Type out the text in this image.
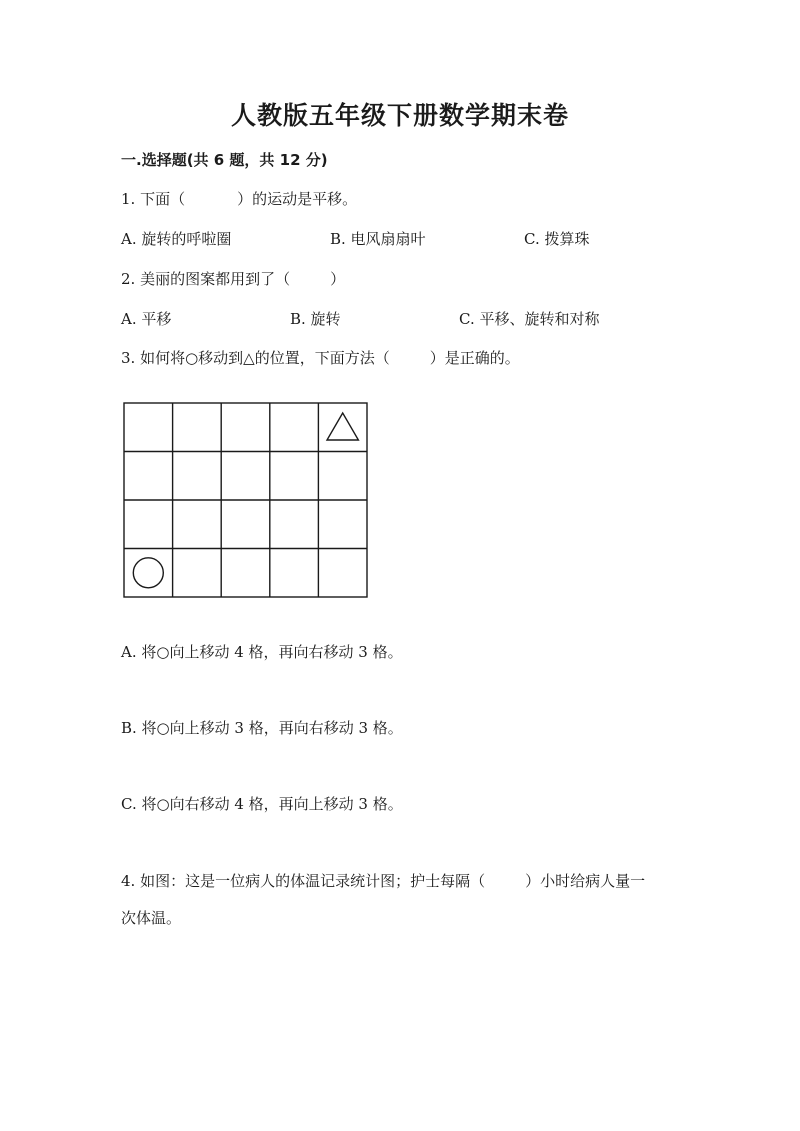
人教版五年级下册数学期末卷
一.选择题(共 6 题，共 12 分)
1. 下面（	）的运动是平移。
A. 旋转的呼啦圈	B. 电风扇扇叶	C. 拨算珠
2. 美丽的图案都用到了（	）
A. 平移	B. 旋转	C. 平移、旋转和对称
3. 如何将○移动到△的位置，下面方法（	）是正确的。
A. 将○向上移动 4 格，再向右移动 3 格。
B. 将○向上移动 3 格，再向右移动 3 格。
C. 将○向右移动 4 格，再向上移动 3 格。
4. 如图：这是一位病人的体温记录统计图；护士每隔（	）小时给病人量一
次体温。
